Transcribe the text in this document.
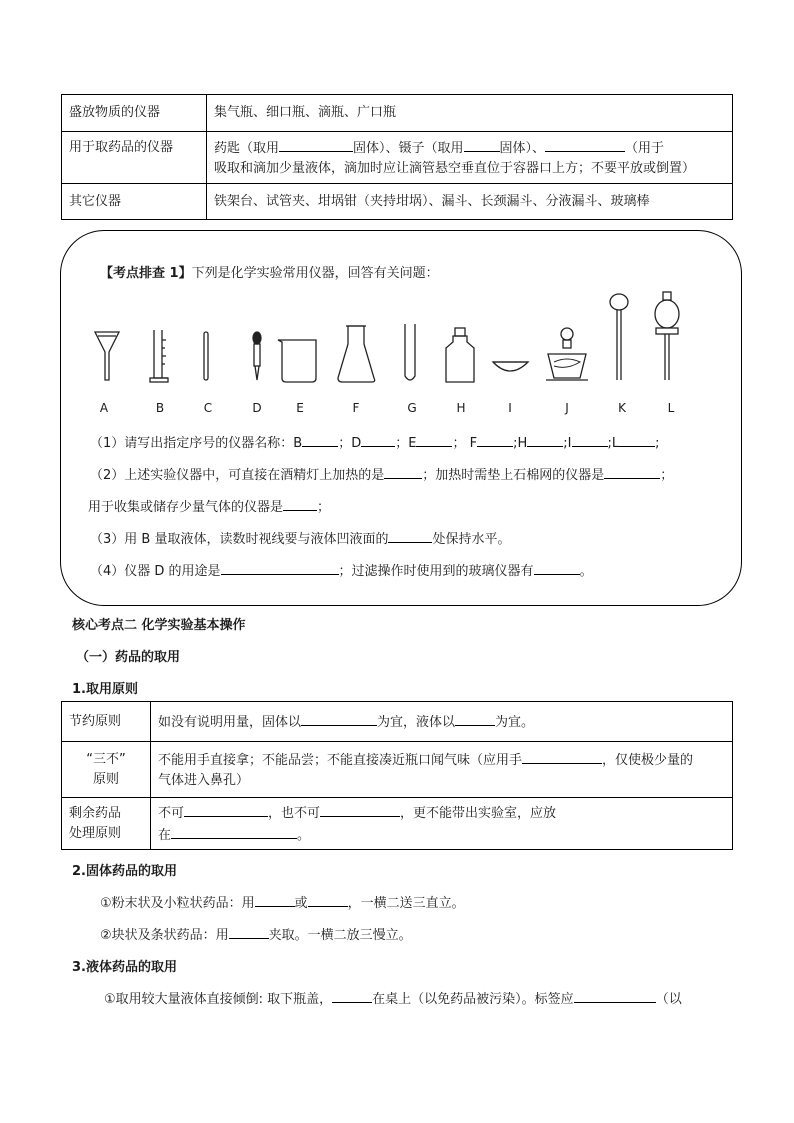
盛放物质的仪器	集气瓶、细口瓶、滴瓶、广口瓶
用于取药品的仪器	药匙（取用 固体）、镊子（取用 固体）、 （用于
吸取和滴加少量液体，滴加时应让滴管悬空垂直位于容器口上方；不要平放或倒置）
其它仪器	铁架台、试管夹、坩埚钳（夹持坩埚）、漏斗、长颈漏斗、分液漏斗、玻璃棒
【考点排查 1】下列是化学实验常用仪器，回答有关问题：
A	B	C	D	E	F	G	H	I	J	K	L
（1）请写出指定序号的仪器名称：B	；D	；E	； F	;H	;I	;L	;
（2）上述实验仪器中，可直接在酒精灯上加热的是	；加热时需垫上石棉网的仪器是	；
用于收集或储存少量气体的仪器是	；
（3）用 B 量取液体，读数时视线要与液体凹液面的	处保持水平。
（4）仪器 D 的用途是	；过滤操作时使用到的玻璃仪器有	。
核心考点二 化学实验基本操作
（一）药品的取用
1.取用原则
节约原则	如没有说明用量，固体以 为宜，液体以 为宜。
“三不”
原则	不能用手直接拿；不能品尝；不能直接凑近瓶口闻气味（应用手 ，仅使极少量的
气体进入鼻孔）
剩余药品
处理原则	不可 ，也不可 ，更不能带出实验室，应放
在 。
2.固体药品的取用
①粉末状及小粒状药品：用	或	，一横二送三直立。
②块状及条状药品：用	夹取。一横二放三慢立。
3.液体药品的取用
①取用较大量液体直接倾倒: 取下瓶盖，	在桌上（以免药品被污染）。标签应	（以
